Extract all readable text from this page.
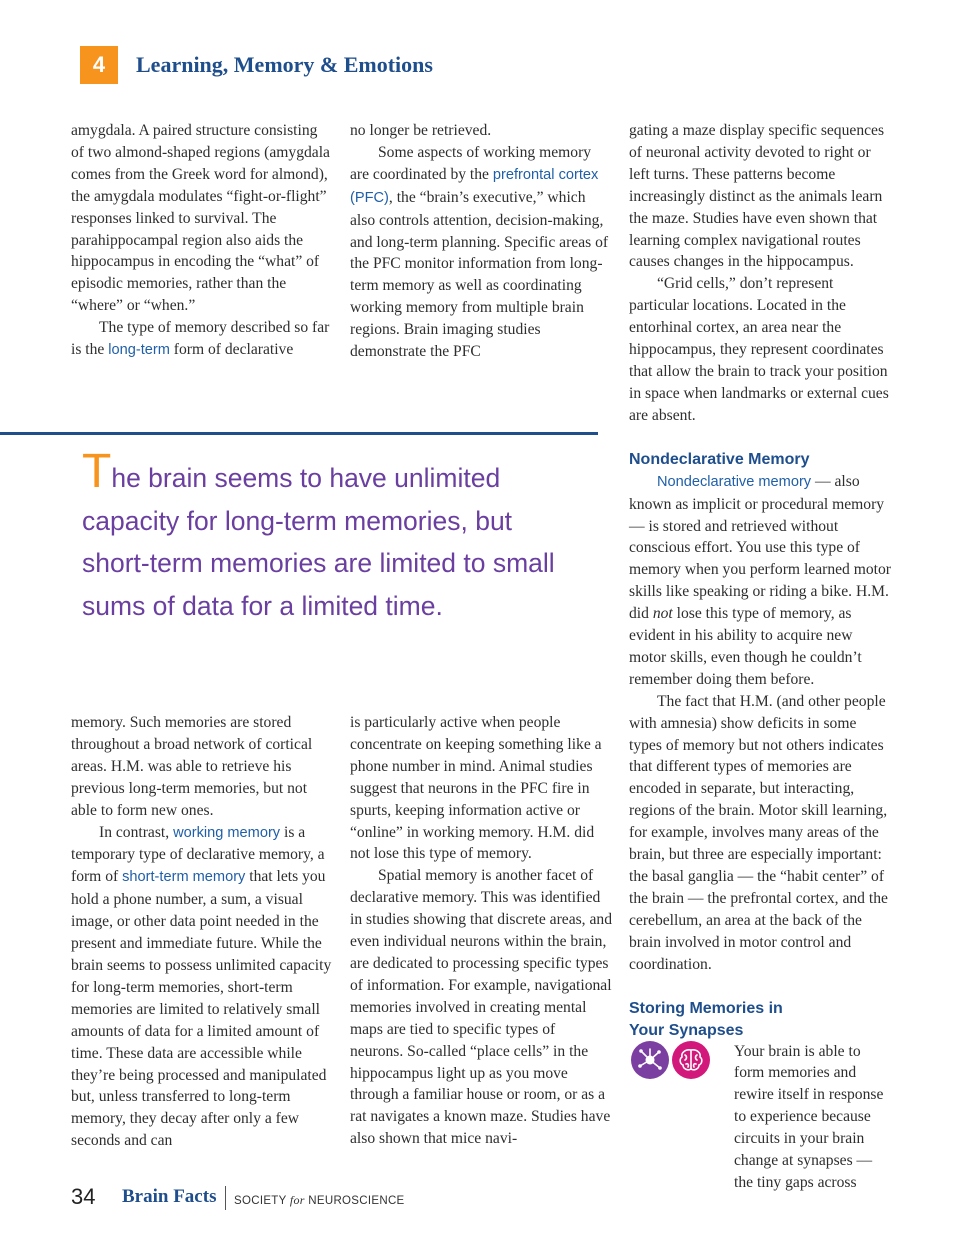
4	Learning, Memory & Emotions

amygdala. A paired structure consisting of two almond-shaped regions (amygdala comes from the Greek word for almond), the amygdala modulates “fight-or-flight” responses linked to survival. The parahippocampal region also aids the hippocampus in encoding the “what” of episodic memories, rather than the “where” or “when.”

The type of memory described so far is the long-term form of declarative

no longer be retrieved.

Some aspects of working memory are coordinated by the prefrontal cortex (PFC), the “brain’s executive,” which also controls attention, decision-making, and long-term planning. Specific areas of the PFC monitor information from long-term memory as well as coordinating working memory from multiple brain regions. Brain imaging studies demonstrate the PFC

gating a maze display specific sequences of neuronal activity devoted to right or left turns. These patterns become increasingly distinct as the animals learn the maze. Studies have even shown that learning complex navigational routes causes changes in the hippocampus.

“Grid cells,” don’t represent particular locations. Located in the entorhinal cortex, an area near the hippocampus, they represent coordinates that allow the brain to track your position in space when landmarks or external cues are absent.

Nondeclarative Memory

Nondeclarative memory — also known as implicit or procedural memory — is stored and retrieved without conscious effort. You use this type of memory when you perform learned motor skills like speaking or riding a bike. H.M. did not lose this type of memory, as evident in his ability to acquire new motor skills, even though he couldn’t remember doing them before.

The fact that H.M. (and other people with amnesia) show deficits in some types of memory but not others indicates that different types of memories are encoded in separate, but interacting, regions of the brain. Motor skill learning, for example, involves many areas of the brain, but three are especially important: the basal ganglia — the “habit center” of the brain — the prefrontal cortex, and the cerebellum, an area at the back of the brain involved in motor control and coordination.

Storing Memories in
Your Synapses

Your brain is able to form memories and rewire itself in response to experience because circuits in your brain change at synapses — the tiny gaps across

The brain seems to have unlimited capacity for long-term memories, but short-term memories are limited to small sums of data for a limited time.

memory. Such memories are stored throughout a broad network of cortical areas. H.M. was able to retrieve his previous long-term memories, but not able to form new ones.

In contrast, working memory is a temporary type of declarative memory, a form of short-term memory that lets you hold a phone number, a sum, a visual image, or other data point needed in the present and immediate future. While the brain seems to possess unlimited capacity for long-term memories, short-term memories are limited to relatively small amounts of data for a limited amount of time. These data are accessible while they’re being processed and manipulated but, unless transferred to long-term memory, they decay after only a few seconds and can

is particularly active when people concentrate on keeping something like a phone number in mind. Animal studies suggest that neurons in the PFC fire in spurts, keeping information active or “online” in working memory. H.M. did not lose this type of memory.

Spatial memory is another facet of declarative memory. This was identified in studies showing that discrete areas, and even individual neurons within the brain, are dedicated to processing specific types of information. For example, navigational memories involved in creating mental maps are tied to specific types of neurons. So-called “place cells” in the hippocampus light up as you move through a familiar house or room, or as a rat navigates a known maze. Studies have also shown that mice navi-

34 Brain Facts SOCIETY for NEUROSCIENCE
